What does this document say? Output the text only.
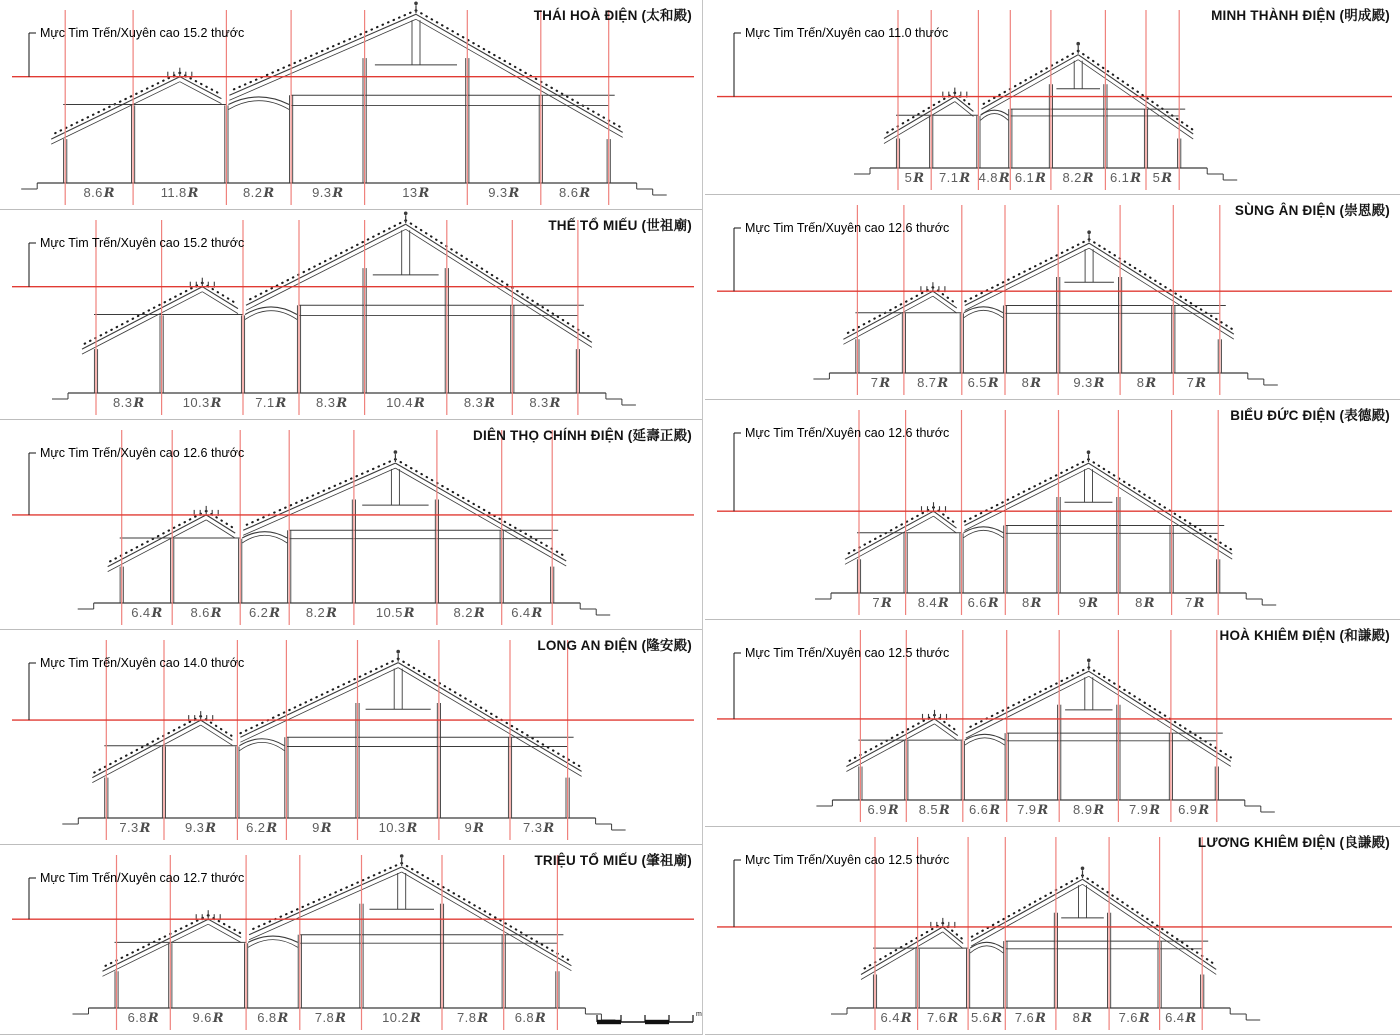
THÁI HOÀ ĐIỆN (太和殿)
Mực Tim Trến/Xuyên cao 15.2 thước
8.6R	11.8R	8.2R	9.3R	13R	9.3R	8.6R
THẾ TỔ MIẾU (世祖廟)
Mực Tim Trến/Xuyên cao 15.2 thước
8.3R	10.3R	7.1R 8.3R	10.4R	8.3R	8.3R
DIÊN THỌ CHÍNH ĐIỆN (延壽正殿)
Mực Tim Trến/Xuyên cao 12.6 thước
6.4R 8.6R 6.2R 8.2R	10.5R	8.2R 6.4R
LONG AN ĐIỆN (隆安殿)
Mực Tim Trến/Xuyên cao 14.0 thước
7.3R	9.3R 6.2R	9R	10.3R	9R	7.3R
TRIỆU TỔ MIẾU (肇祖廟)
Mực Tim Trến/Xuyên cao 12.7 thước
6.8R	9.6R	6.8R 7.8R	10.2R	7.8R 6.8R
MINH THÀNH ĐIỆN (明成殿)
Mực Tim Trến/Xuyên cao 11.0 thước
5R 7.1R 4.8R 6.1R 8.2R 6.1R 5R
SÙNG ÂN ĐIỆN (崇恩殿)
Mực Tim Trến/Xuyên cao 12.6 thước
7R 8.7R 6.5R 8R 9.3R 8R 7R
BIỂU ĐỨC ĐIỆN (表德殿)
Mực Tim Trến/Xuyên cao 12.6 thước
7R 8.4R 6.6R 8R	9R	8R 7R
HOÀ KHIÊM ĐIỆN (和謙殿)
Mực Tim Trến/Xuyên cao 12.5 thước
6.9R 8.5R 6.6R 7.9R 8.9R 7.9R 6.9R
LƯƠNG KHIÊM ĐIỆN (良謙殿)
Mực Tim Trến/Xuyên cao 12.5 thước
6.4R 7.6R 5.6R 7.6R 8R 7.6R 6.4R
m
